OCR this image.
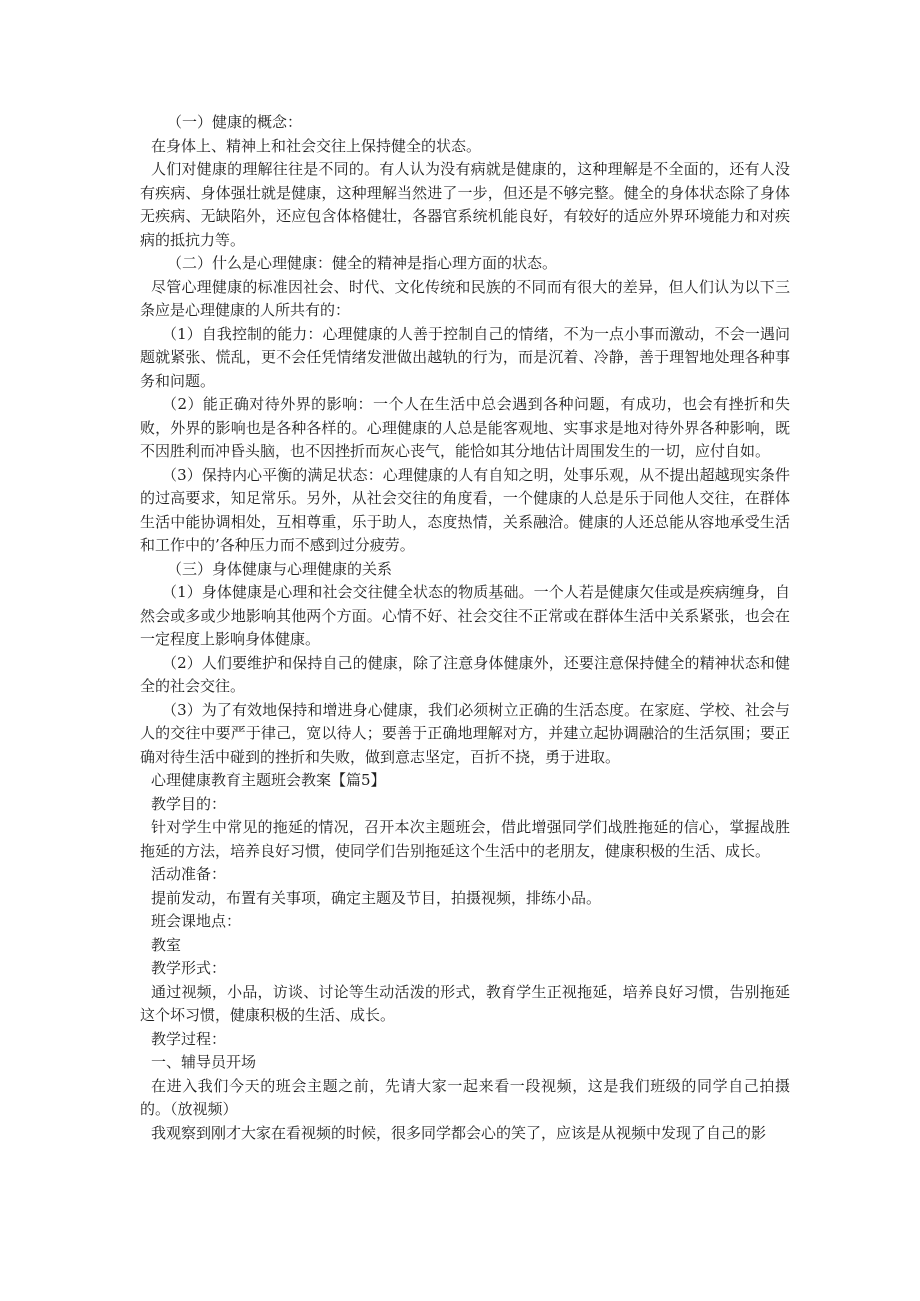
（一）健康的概念：

在身体上、精神上和社会交往上保持健全的状态。

人们对健康的理解往往是不同的。有人认为没有病就是健康的，这种理解是不全面的，还有人没有疾病、身体强壮就是健康，这种理解当然进了一步，但还是不够完整。健全的身体状态除了身体无疾病、无缺陷外，还应包含体格健壮，各器官系统机能良好，有较好的适应外界环境能力和对疾病的抵抗力等。

（二）什么是心理健康：健全的精神是指心理方面的状态。

尽管心理健康的标准因社会、时代、文化传统和民族的不同而有很大的差异，但人们认为以下三条应是心理健康的人所共有的：

（1）自我控制的能力：心理健康的人善于控制自己的情绪，不为一点小事而激动，不会一遇问题就紧张、慌乱，更不会任凭情绪发泄做出越轨的行为，而是沉着、冷静，善于理智地处理各种事务和问题。

（2）能正确对待外界的影响：一个人在生活中总会遇到各种问题，有成功，也会有挫折和失败，外界的影响也是各种各样的。心理健康的人总是能客观地、实事求是地对待外界各种影响，既不因胜利而冲昏头脑，也不因挫折而灰心丧气，能恰如其分地估计周围发生的一切，应付自如。

（3）保持内心平衡的满足状态：心理健康的人有自知之明，处事乐观，从不提出超越现实条件的过高要求，知足常乐。另外，从社会交往的角度看，一个健康的人总是乐于同他人交往，在群体生活中能协调相处，互相尊重，乐于助人，态度热情，关系融洽。健康的人还总能从容地承受生活和工作中的’各种压力而不感到过分疲劳。

（三）身体健康与心理健康的关系

（1）身体健康是心理和社会交往健全状态的物质基础。一个人若是健康欠佳或是疾病缠身，自然会或多或少地影响其他两个方面。心情不好、社会交往不正常或在群体生活中关系紧张，也会在一定程度上影响身体健康。

（2）人们要维护和保持自己的健康，除了注意身体健康外，还要注意保持健全的精神状态和健全的社会交往。

（3）为了有效地保持和增进身心健康，我们必须树立正确的生活态度。在家庭、学校、社会与人的交往中要严于律己，宽以待人；要善于正确地理解对方，并建立起协调融洽的生活氛围；要正确对待生活中碰到的挫折和失败，做到意志坚定，百折不挠，勇于进取。

心理健康教育主题班会教案【篇5】

教学目的：

针对学生中常见的拖延的情况，召开本次主题班会，借此增强同学们战胜拖延的信心，掌握战胜拖延的方法，培养良好习惯，使同学们告别拖延这个生活中的老朋友，健康积极的生活、成长。

活动准备：

提前发动，布置有关事项，确定主题及节目，拍摄视频，排练小品。

班会课地点：

教室

教学形式：

通过视频，小品，访谈、讨论等生动活泼的形式，教育学生正视拖延，培养良好习惯，告别拖延这个坏习惯，健康积极的生活、成长。

教学过程：

一、辅导员开场

在进入我们今天的班会主题之前，先请大家一起来看一段视频，这是我们班级的同学自己拍摄的。（放视频）

我观察到刚才大家在看视频的时候，很多同学都会心的笑了，应该是从视频中发现了自己的影
